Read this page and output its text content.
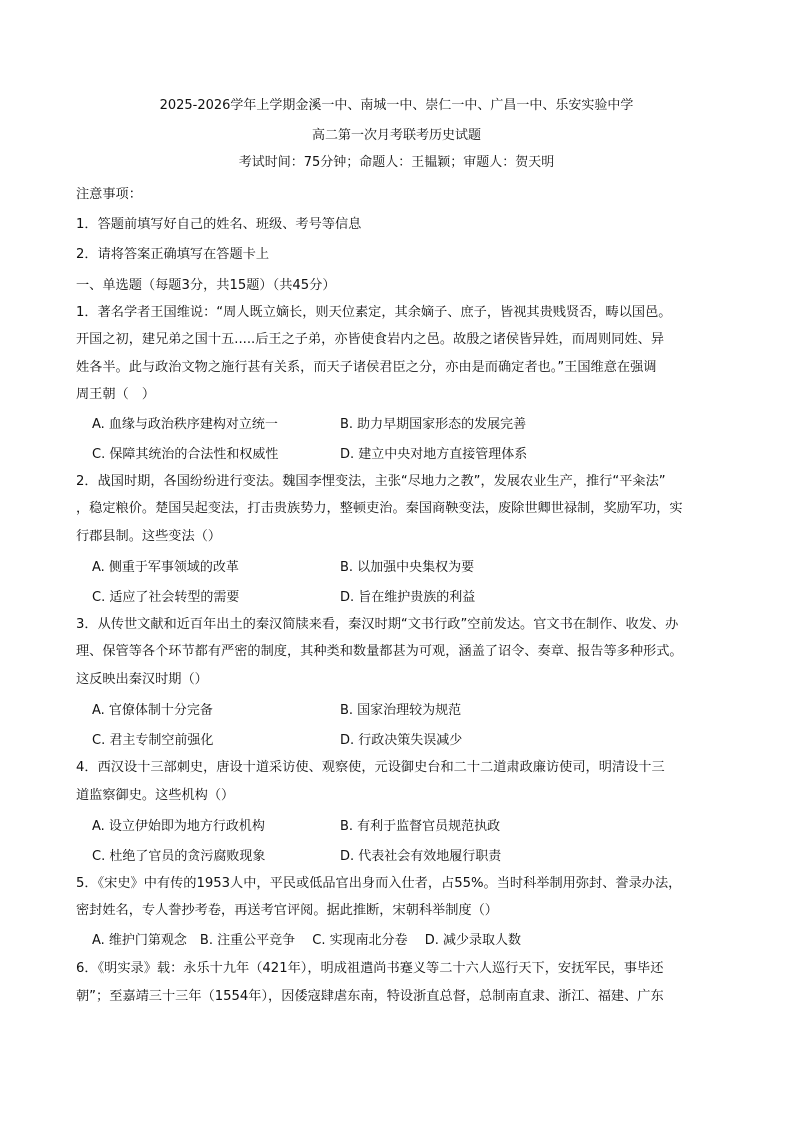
2025-2026学年上学期金溪一中、南城一中、崇仁一中、广昌一中、乐安实验中学
高二第一次月考联考历史试题
考试时间：75分钟；命题人：王韫颖；审题人：贺天明
注意事项：
1．答题前填写好自己的姓名、班级、考号等信息
2．请将答案正确填写在答题卡上
一、单选题（每题3分，共15题）（共45分）
1．著名学者王国维说：“周人既立嫡长，则天位素定，其余嫡子、庶子，皆视其贵贱贤否，畴以国邑。
开国之初，建兄弟之国十五.....后王之子弟，亦皆使食岩内之邑。故殷之诸侯皆异姓，而周则同姓、异
姓各半。此与政治文物之施行甚有关系，而天子诸侯君臣之分，亦由是而确定者也。”王国维意在强调
周王朝（　）
A. 血缘与政治秩序建构对立统一	B. 助力早期国家形态的发展完善
C. 保障其统治的合法性和权威性	D. 建立中央对地方直接管理体系
2．战国时期，各国纷纷进行变法。魏国李悝变法，主张“尽地力之教”，发展农业生产，推行“平籴法”
，稳定粮价。楚国吴起变法，打击贵族势力，整顿吏治。秦国商鞅变法，废除世卿世禄制，奖励军功，实
行郡县制。这些变法（）
A. 侧重于军事领域的改革	B. 以加强中央集权为要
C. 适应了社会转型的需要	D. 旨在维护贵族的利益
3．从传世文献和近百年出土的秦汉简牍来看，秦汉时期“文书行政”空前发达。官文书在制作、收发、办
理、保管等各个环节都有严密的制度，其种类和数量都甚为可观，涵盖了诏令、奏章、报告等多种形式。
这反映出秦汉时期（）
A. 官僚体制十分完备	B. 国家治理较为规范
C. 君主专制空前强化	D. 行政决策失误减少
4．西汉设十三部刺史，唐设十道采访使、观察使，元设御史台和二十二道肃政廉访使司，明清设十三
道监察御史。这些机构（）
A. 设立伊始即为地方行政机构	B. 有利于监督官员规范执政
C. 杜绝了官员的贪污腐败现象	D. 代表社会有效地履行职责
5．《宋史》中有传的1953人中，平民或低品官出身而入仕者，占55%。当时科举制用弥封、誊录办法，
密封姓名，专人誊抄考卷，再送考官评阅。据此推断，宋朝科举制度（）
A. 维护门第观念　B. 注重公平竞争　 C. 实现南北分卷　 D. 减少录取人数
6．《明实录》载：永乐十九年（421年），明成祖遣尚书蹇义等二十六人巡行天下，安抚军民，事毕还
朝”；至嘉靖三十三年（1554年），因倭寇肆虐东南，特设浙直总督，总制南直隶、浙江、福建、广东
